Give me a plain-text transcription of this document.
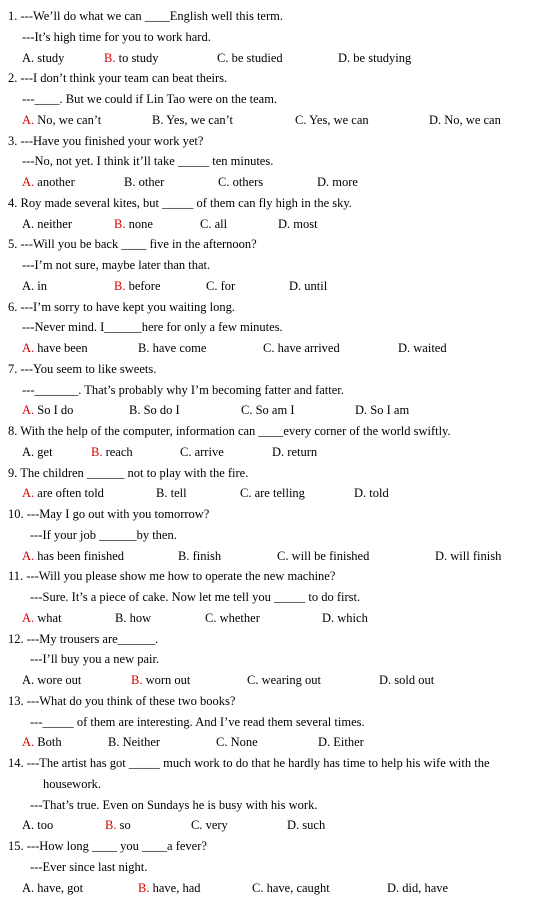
1. ---We’ll do what we can ____English well this term.
---It’s high time for you to work hard.
A. study	B. to study	C. be studied	D. be studying
2. ---I don’t think your team can beat theirs.
---____. But we could if Lin Tao were on the team.
A. No, we can’t	B. Yes, we can’t	C. Yes, we can	D. No, we can
3. ---Have you finished your work yet?
---No, not yet. I think it’ll take _____ ten minutes.
A. another	B. other	C. others	D. more
4. Roy made several kites, but _____ of them can fly high in the sky.
A. neither	B. none	C. all	D. most
5. ---Will you be back ____ five in the afternoon?
---I’m not sure, maybe later than that.
A. in	B. before	C. for	D. until
6. ---I’m sorry to have kept you waiting long.
---Never mind. I______here for only a few minutes.
A. have been	B. have come	C. have arrived	D. waited
7. ---You seem to like sweets.
---_______. That’s probably why I’m becoming fatter and fatter.
A. So I do	B. So do I	C. So am I	D. So I am
8. With the help of the computer, information can ____every corner of the world swiftly.
A. get	B. reach	C. arrive	D. return
9. The children ______ not to play with the fire.
A. are often told	B. tell	C. are telling	D. told
10. ---May I go out with you tomorrow?
---If your job ______by then.
A. has been finished	B. finish	C. will be finished	D. will finish
11. ---Will you please show me how to operate the new machine?
---Sure. It’s a piece of cake. Now let me tell you _____ to do first.
A. what	B. how	C. whether	D. which
12. ---My trousers are______.
---I’ll buy you a new pair.
A. wore out	B. worn out	C. wearing out	D. sold out
13. ---What do you think of these two books?
---_____ of them are interesting. And I’ve read them several times.
A. Both	B. Neither	C. None	D. Either
14. ---The artist has got _____ much work to do that he hardly has time to help his wife with the
housework.
---That’s true. Even on Sundays he is busy with his work.
A. too	B. so	C. very	D. such
15. ---How long ____ you ____a fever?
---Ever since last night.
A. have, got	B. have, had	C. have, caught	D. did, have
